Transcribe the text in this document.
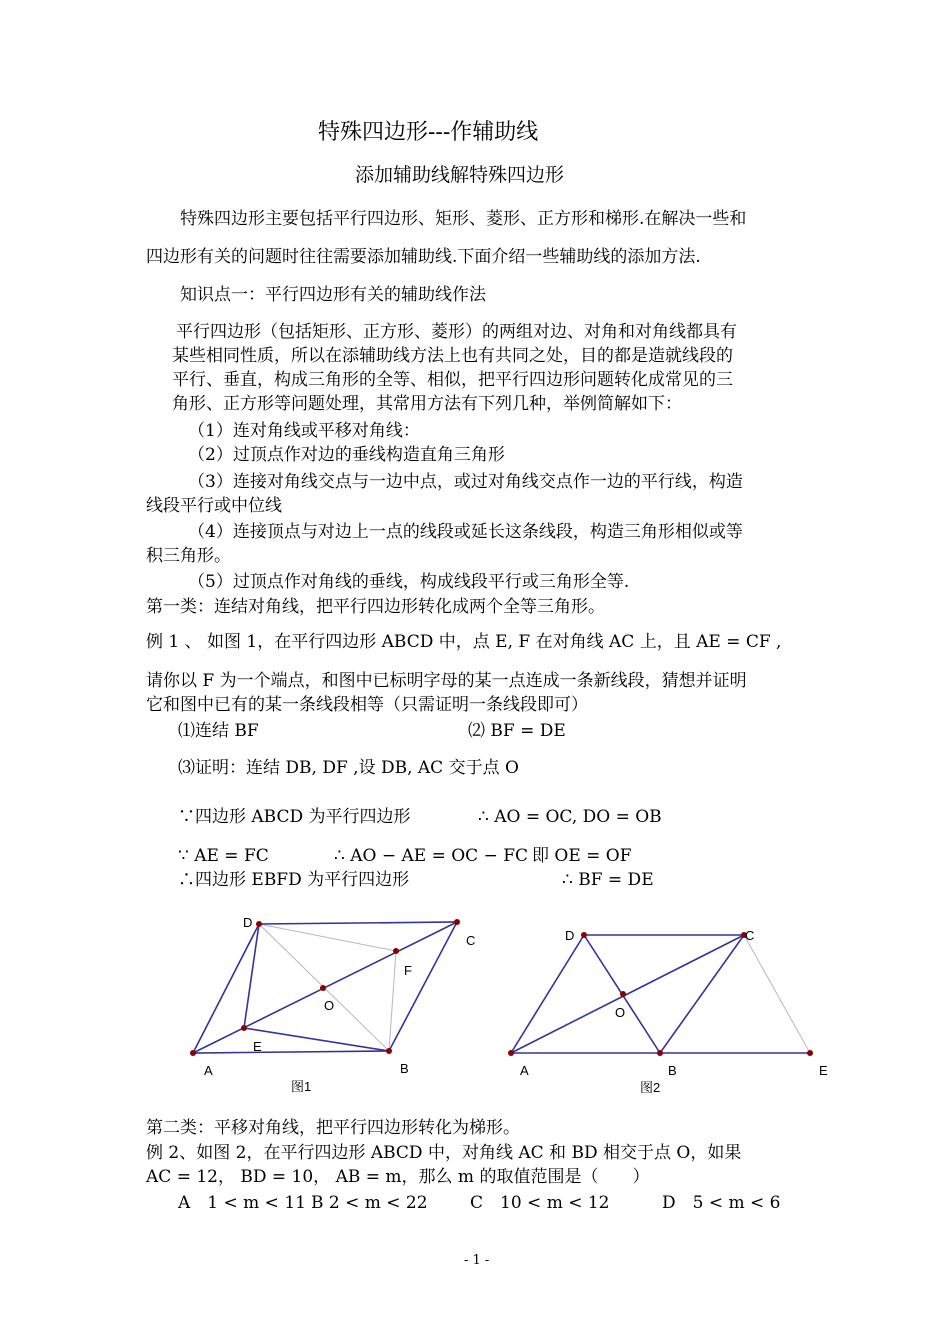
特殊四边形---作辅助线
添加辅助线解特殊四边形
特殊四边形主要包括平行四边形、矩形、菱形、正方形和梯形.在解决一些和
四边形有关的问题时往往需要添加辅助线.下面介绍一些辅助线的添加方法.
知识点一：平行四边形有关的辅助线作法
平行四边形（包括矩形、正方形、菱形）的两组对边、对角和对角线都具有
某些相同性质，所以在添辅助线方法上也有共同之处，目的都是造就线段的
平行、垂直，构成三角形的全等、相似，把平行四边形问题转化成常见的三
角形、正方形等问题处理，其常用方法有下列几种，举例简解如下：
（1）连对角线或平移对角线：
（2）过顶点作对边的垂线构造直角三角形
（3）连接对角线交点与一边中点，或过对角线交点作一边的平行线，构造
线段平行或中位线
（4）连接顶点与对边上一点的线段或延长这条线段，构造三角形相似或等
积三角形。
（5）过顶点作对角线的垂线，构成线段平行或三角形全等.
第一类：连结对角线，把平行四边形转化成两个全等三角形。
例 1 、 如图 1，在平行四边形 ABCD 中，点 E, F 在对角线 AC 上，且 AE = CF ,
请你以 F 为一个端点，和图中已标明字母的某一点连成一条新线段，猜想并证明
它和图中已有的某一条线段相等（只需证明一条线段即可）
⑴连结 BF	⑵ BF = DE
⑶证明：连结 DB, DF ,设 DB, AC 交于点 O
∵四边形 ABCD 为平行四边形	∴ AO = OC, DO = OB
∵ AE = FC	∴ AO − AE = OC − FC 即 OE = OF
∴四边形 EBFD 为平行四边形	∴ BF = DE
D
C
A	B
E
F
O
图1
D	C
A	B	E
O
图2
第二类：平移对角线，把平行四边形转化为梯形。
例 2、如图 2，在平行四边形 ABCD 中，对角线 AC 和 BD 相交于点 O，如果
AC = 12， BD = 10， AB = m，那么 m 的取值范围是（　　）
A　1 < m < 11 B 2 < m < 22 C　10 < m < 12	D　5 < m < 6
- 1 -
